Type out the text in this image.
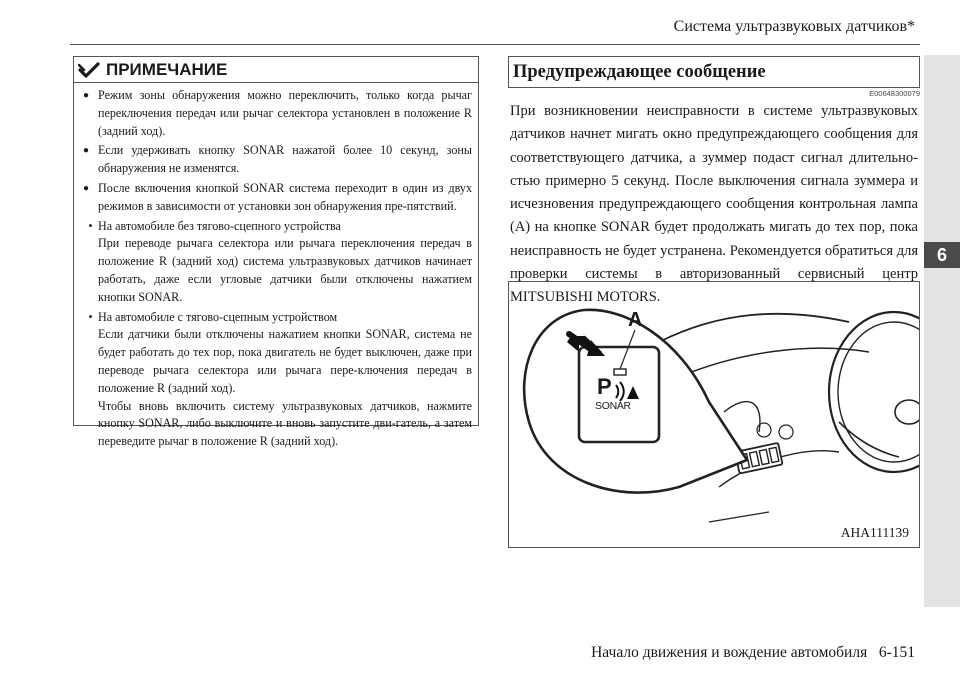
Система ультразвуковых датчиков*
6
ПРИМЕЧАНИЕ
● Режим зоны обнаружения можно переключить, только когда рычаг переключения передач или рычаг селектора установлен в положение R (задний ход).
● Если удерживать кнопку SONAR нажатой более 10 секунд, зоны обнаружения не изменятся.
● После включения кнопкой SONAR система переходит в один из двух режимов в зависимости от установки зон обнаружения пре-пятствий.
• На автомобиле без тягово-сцепного устройства
При переводе рычага селектора или рычага переключения передач в положение R (задний ход) система ультразвуковых датчиков начинает работать, даже если угловые датчики были отключены нажатием кнопки SONAR.
• На автомобиле с тягово-сцепным устройством
Если датчики были отключены нажатием кнопки SONAR, система не будет работать до тех пор, пока двигатель не будет выключен, даже при переводе рычага селектора или рычага пере-ключения передач в положение R (задний ход).
Чтобы вновь включить систему ультразвуковых датчиков, нажмите кнопку SONAR, либо выключите и вновь запустите дви-гатель, а затем переведите рычаг в положение R (задний ход).
Предупреждающее сообщение
E00648300079
При возникновении неисправности в системе ультразвуковых датчиков начнет мигать окно предупреждающего сообщения для соответствующего датчика, а зуммер подаст сигнал длительно-стью примерно 5 секунд. После выключения сигнала зуммера и исчезновения предупреждающего сообщения контрольная лампа (A) на кнопке SONAR будет продолжать мигать до тех пор, пока неисправность не будет устранена. Рекомендуется обратиться для проверки системы в авторизованный сервисный центр MITSUBISHI MOTORS.
A
P
SONAR
AHA111139
Начало движения и вождение автомобиля 6-151
